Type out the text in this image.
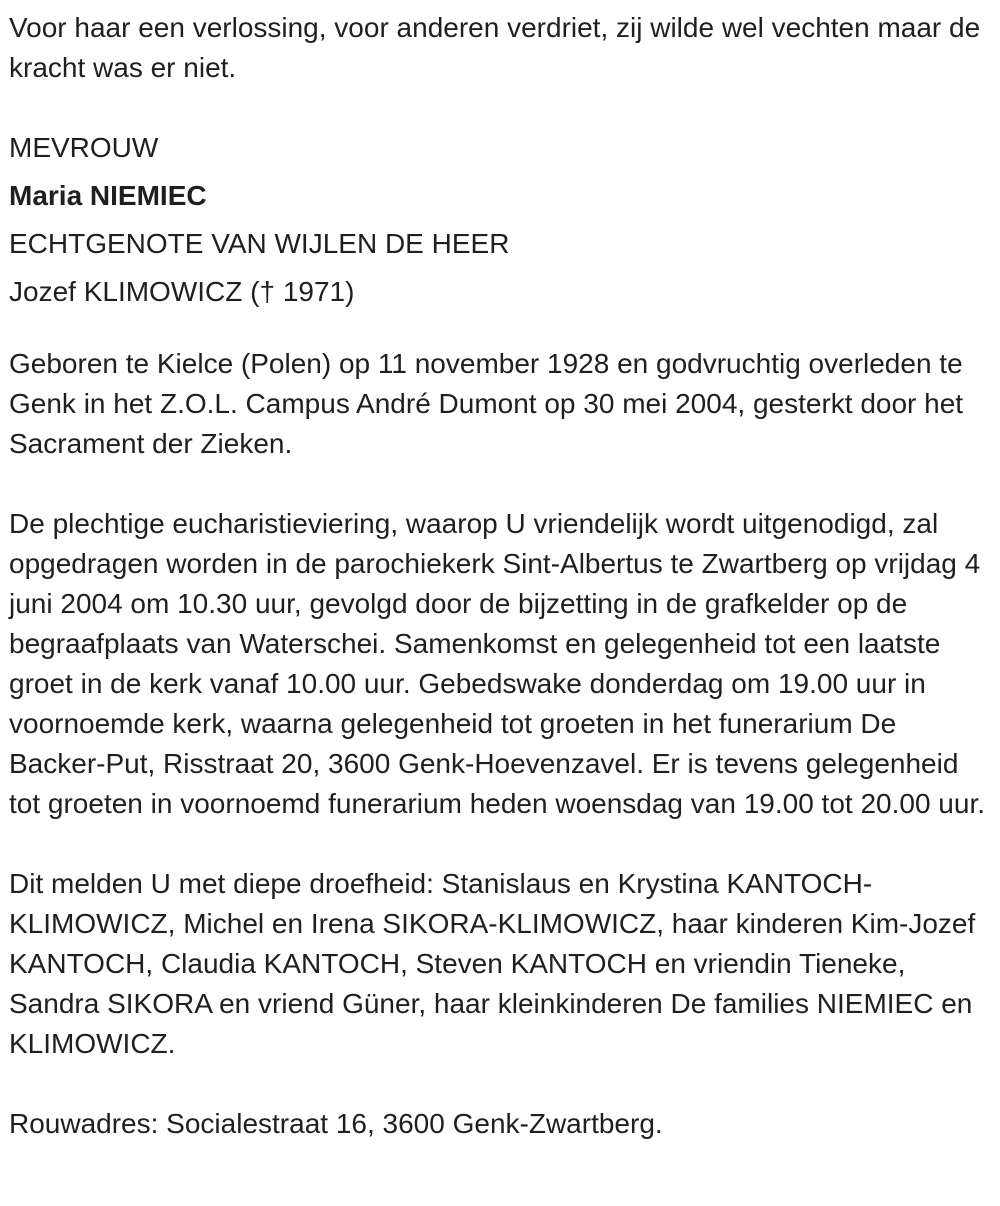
Voor haar een verlossing, voor anderen verdriet, zij wilde wel vechten maar de kracht was er niet.

MEVROUW

Maria NIEMIEC

ECHTGENOTE VAN WIJLEN DE HEER

Jozef KLIMOWICZ († 1971)

Geboren te Kielce (Polen) op 11 november 1928 en godvruchtig overleden te Genk in het Z.O.L. Campus André Dumont op 30 mei 2004, gesterkt door het Sacrament der Zieken.

De plechtige eucharistieviering, waarop U vriendelijk wordt uitgenodigd, zal opgedragen worden in de parochiekerk Sint-Albertus te Zwartberg op vrijdag 4 juni 2004 om 10.30 uur, gevolgd door de bijzetting in de grafkelder op de begraafplaats van Waterschei. Samenkomst en gelegenheid tot een laatste groet in de kerk vanaf 10.00 uur. Gebedswake donderdag om 19.00 uur in voornoemde kerk, waarna gelegenheid tot groeten in het funerarium De Backer-Put, Risstraat 20, 3600 Genk-Hoevenzavel. Er is tevens gelegenheid tot groeten in voornoemd funerarium heden woensdag van 19.00 tot 20.00 uur.

Dit melden U met diepe droefheid: Stanislaus en Krystina KANTOCH-KLIMOWICZ, Michel en Irena SIKORA-KLIMOWICZ, haar kinderen Kim-Jozef KANTOCH, Claudia KANTOCH, Steven KANTOCH en vriendin Tieneke, Sandra SIKORA en vriend Güner, haar kleinkinderen De families NIEMIEC en KLIMOWICZ.

Rouwadres: Socialestraat 16, 3600 Genk-Zwartberg.
